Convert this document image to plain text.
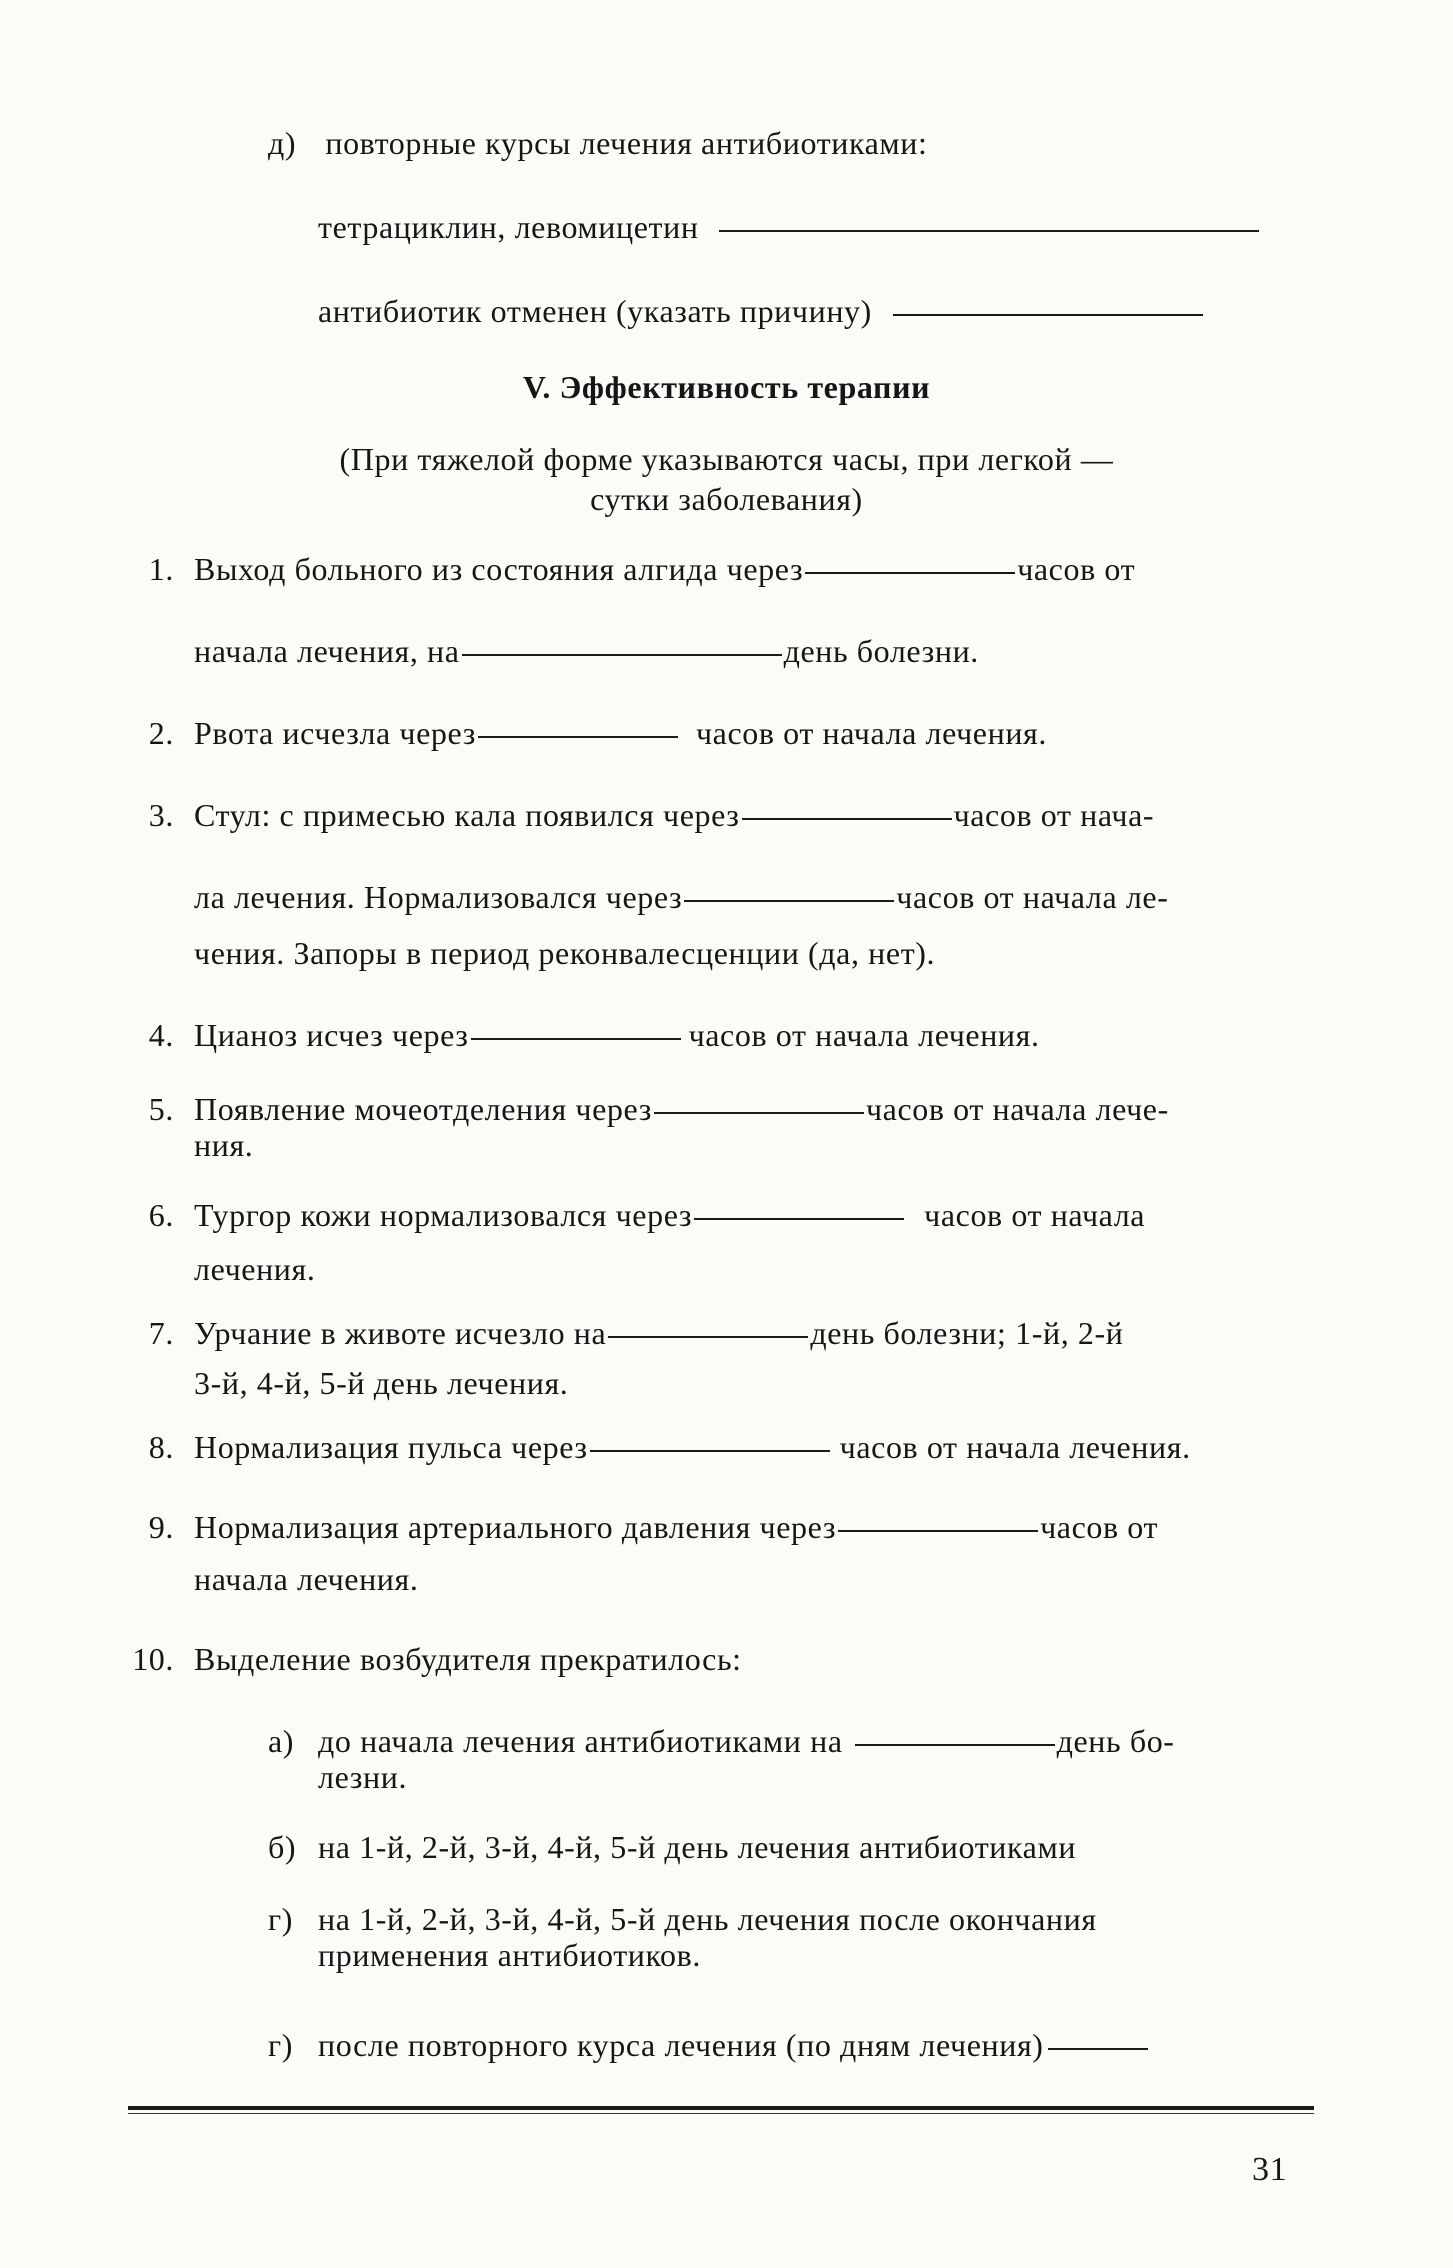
д) повторные курсы лечения антибиотиками:
тетрациклин, левомицетин
антибиотик отменен (указать причину)
V. Эффективность терапии
(При тяжелой форме указываются часы, при легкой —
сутки заболевания)
1. Выход больного из состояния алгида через	часов от
начала лечения, на	день болезни.
2. Рвота исчезла через	часов от начала лечения.
3. Стул: с примесью кала появился через	часов от нача-
ла лечения. Нормализовался через	часов от начала ле-
чения. Запоры в период реконвалесценции (да, нет).
4. Цианоз исчез через	часов от начала лечения.
5. Появление мочеотделения через	часов от начала лече-
ния.
6. Тургор кожи нормализовался через	часов от начала
лечения.
7. Урчание в животе исчезло на	день болезни; 1-й, 2-й
3-й, 4-й, 5-й день лечения.
8. Нормализация пульса через	часов от начала лечения.
9. Нормализация артериального давления через	часов от
начала лечения.
10. Выделение возбудителя прекратилось:
а) до начала лечения антибиотиками на	день бо-
лезни.
б) на 1-й, 2-й, 3-й, 4-й, 5-й день лечения антибиотиками
г) на 1-й, 2-й, 3-й, 4-й, 5-й день лечения после окончания
применения антибиотиков.
г) после повторного курса лечения (по дням лечения)
31
